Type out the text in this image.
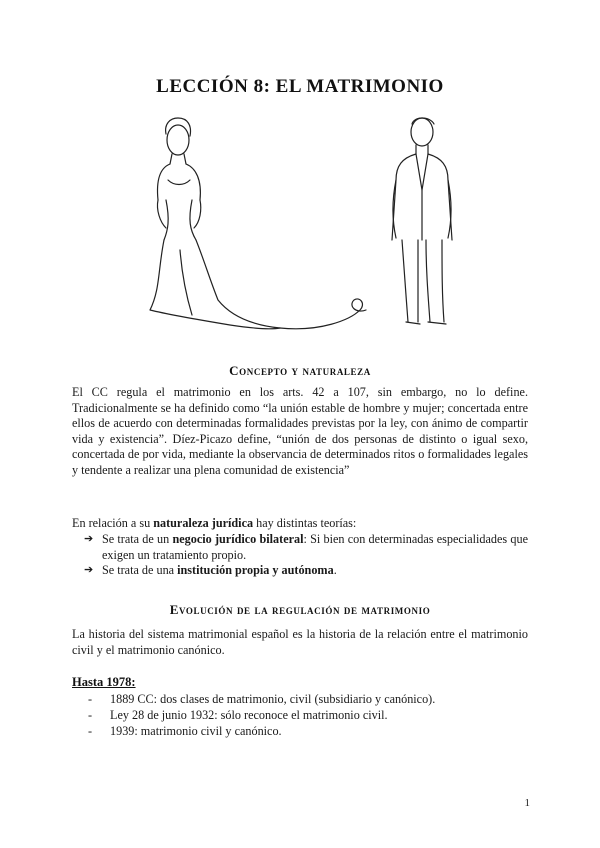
LECCIÓN 8: EL MATRIMONIO
Concepto y naturaleza
El CC regula el matrimonio en los arts. 42 a 107, sin embargo, no lo define. Tradicionalmente se ha definido como “la unión estable de hombre y mujer; concertada entre ellos de acuerdo con determinadas formalidades previstas por la ley, con ánimo de compartir vida y existencia”. Díez-Picazo define, “unión de dos personas de distinto o igual sexo, concertada de por vida, mediante la observancia de determinados ritos o formalidades legales y tendente a realizar una plena comunidad de existencia”
En relación a su naturaleza jurídica hay distintas teorías:
➔ Se trata de un negocio jurídico bilateral: Si bien con determinadas especialidades que exigen un tratamiento propio.
➔ Se trata de una institución propia y autónoma.
Evolución de la regulación de matrimonio
La historia del sistema matrimonial español es la historia de la relación entre el matrimonio civil y el matrimonio canónico.
Hasta 1978:
- 1889 CC: dos clases de matrimonio, civil (subsidiario y canónico).
- Ley 28 de junio 1932: sólo reconoce el matrimonio civil.
- 1939: matrimonio civil y canónico.
1
